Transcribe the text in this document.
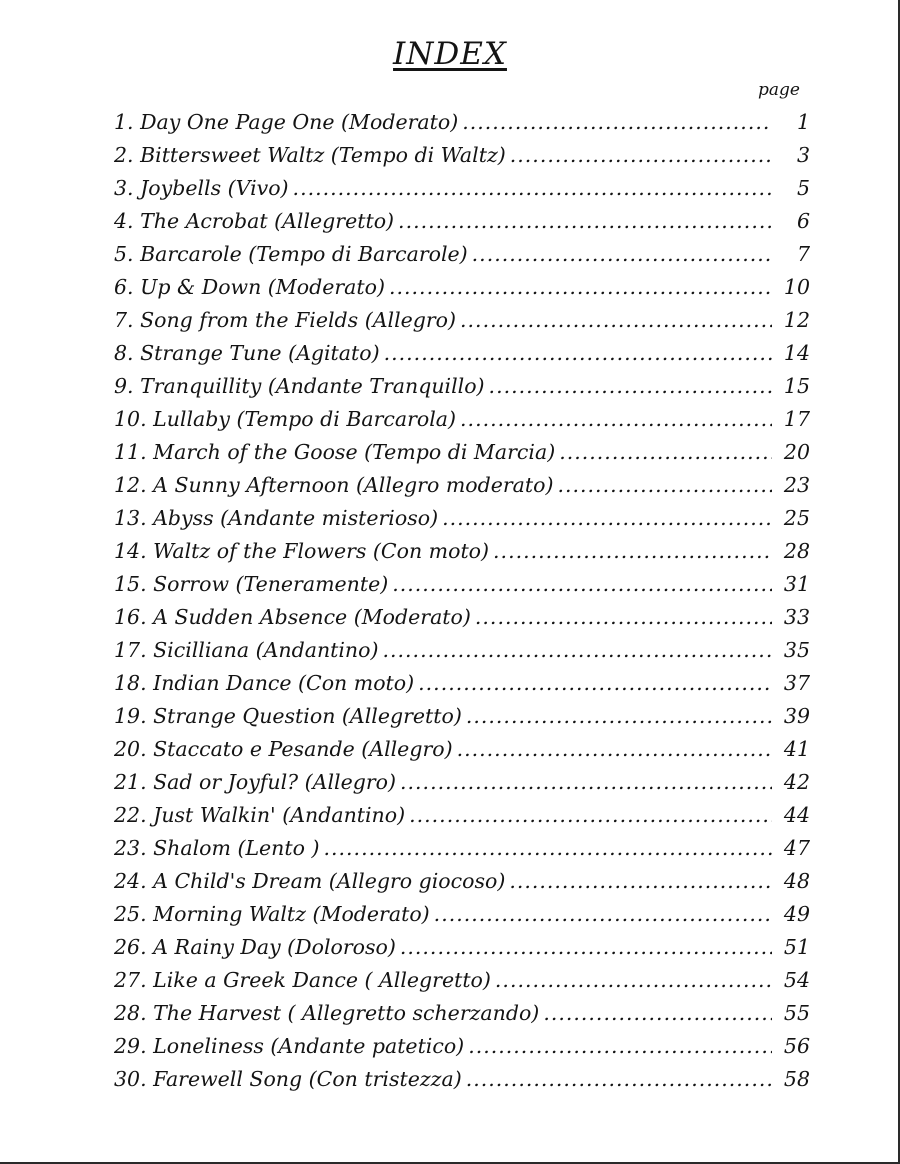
INDEX
page
1. Day One Page One (Moderato) .....	1
2. Bittersweet Waltz (Tempo di Waltz) .....	3
3. Joybells (Vivo) .....	5
4. The Acrobat (Allegretto) .....	6
5. Barcarole (Tempo di Barcarole) .....	7
6. Up & Down (Moderato) .....	10
7. Song from the Fields (Allegro) .....	12
8. Strange Tune (Agitato) .....	14
9. Tranquillity (Andante Tranquillo) .....	15
10. Lullaby (Tempo di Barcarola) .....	17
11. March of the Goose (Tempo di Marcia) .....	20
12. A Sunny Afternoon (Allegro moderato) .....	23
13. Abyss (Andante misterioso) .....	25
14. Waltz of the Flowers (Con moto) .....	28
15. Sorrow (Teneramente) .....	31
16. A Sudden Absence (Moderato) .....	33
17. Sicilliana (Andantino) .....	35
18. Indian Dance (Con moto) .....	37
19. Strange Question (Allegretto) .....	39
20. Staccato e Pesande (Allegro) .....	41
21. Sad or Joyful? (Allegro) .....	42
22. Just Walkin' (Andantino) .....	44
23. Shalom (Lento ) .....	47
24. A Child's Dream (Allegro giocoso) .....	48
25. Morning Waltz (Moderato) .....	49
26. A Rainy Day (Doloroso) .....	51
27. Like a Greek Dance ( Allegretto) .....	54
28. The Harvest ( Allegretto scherzando) .....	55
29. Loneliness (Andante patetico) .....	56
30. Farewell Song (Con tristezza) .....	58
